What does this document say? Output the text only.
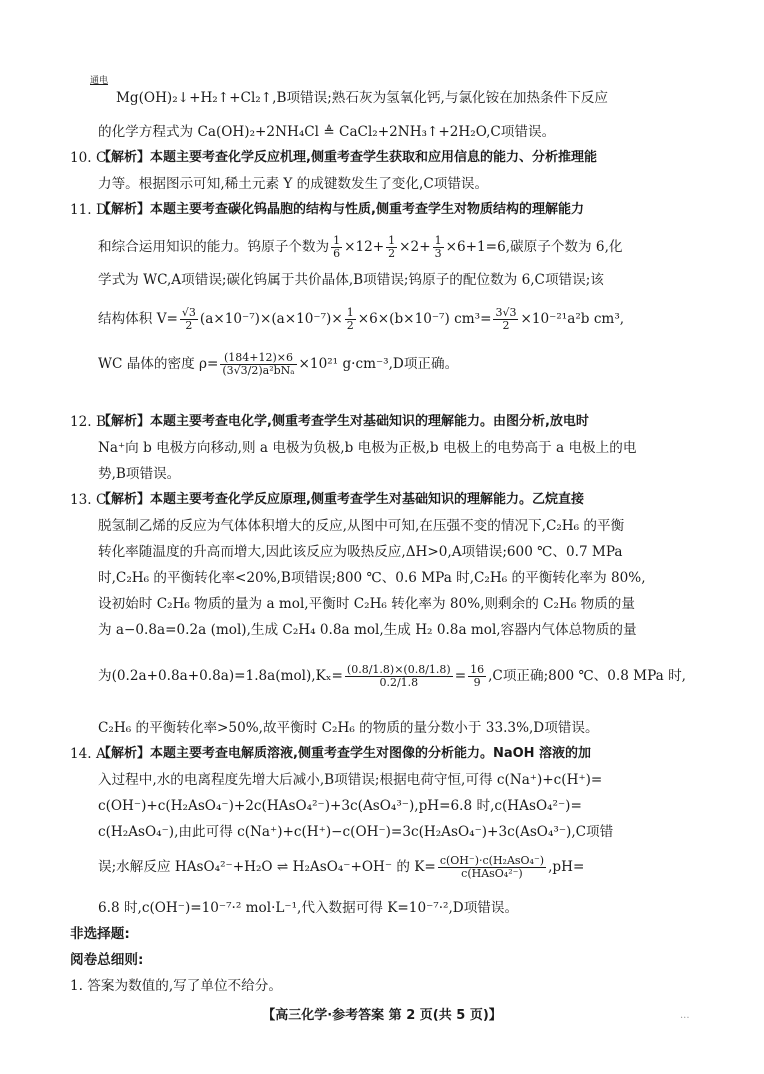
通电
Mg(OH)₂↓+H₂↑+Cl₂↑,B项错误;熟石灰为氢氧化钙,与氯化铵在加热条件下反应
的化学方程式为 Ca(OH)₂+2NH₄Cl ≜ CaCl₂+2NH₃↑+2H₂O,C项错误。
10. C
【解析】本题主要考查化学反应机理,侧重考查学生获取和应用信息的能力、分析推理能
力等。根据图示可知,稀土元素 Y 的成键数发生了变化,C项错误。
11. D
【解析】本题主要考查碳化钨晶胞的结构与性质,侧重考查学生对物质结构的理解能力
和综合运用知识的能力。钨原子个数为 $\frac{1}{6} \times 12+ \frac{1}{2} \times 2+ \frac{1}{3} \times 6+1=6$,碳原子个数为 6,化
学式为 WC,A项错误;碳化钨属于共价晶体,B项错误;钨原子的配位数为 6,C项错误;该
结构体积 $V= \frac{√3}{2} (a\times 10^{-7})\times(a\times 10^{-7})\times \frac{1}{2} \times 6\times(b\times 10^{-7})$ $cm^3= \frac{3√3}{2} \times 10^{-21}a^2b$ cm³,
WC 晶体的密度 $\rho= \frac{(184+12)\times 6}{\text{(3√3/2)a²bNₐ}} \times 10^{21}$ g·cm⁻³,D项正确。
12. B
【解析】本题主要考查电化学,侧重考查学生对基础知识的理解能力。由图分析,放电时
Na⁺向 b 电极方向移动,则 a 电极为负极,b 电极为正极,b 电极上的电势高于 a 电极上的电
势,B项错误。
13. C
【解析】本题主要考查化学反应原理,侧重考查学生对基础知识的理解能力。乙烷直接
脱氢制乙烯的反应为气体体积增大的反应,从图中可知,在压强不变的情况下,C₂H₆ 的平衡
转化率随温度的升高而增大,因此该反应为吸热反应,ΔH>0,A项错误;600 ℃、0.7 MPa
时,C₂H₆ 的平衡转化率<20%,B项错误;800 ℃、0.6 MPa 时,C₂H₆ 的平衡转化率为 80%,
设初始时 C₂H₆ 物质的量为 a mol,平衡时 C₂H₆ 转化率为 80%,则剩余的 C₂H₆ 物质的量
为 a−0.8a=0.2a (mol),生成 C₂H₄ 0.8a mol,生成 H₂ 0.8a mol,容器内气体总物质的量
为$(0.2a+0.8a+0.8a)=1.8a(mol),K_x= \frac{(0.8/1.8)\times(0.8/1.8)}{0.2/1.8} = \frac{16}{9} ,C$项正确;800 ℃、0.8 MPa 时,
C₂H₆ 的平衡转化率>50%,故平衡时 C₂H₆ 的物质的量分数小于 33.3%,D项错误。
14. A
【解析】本题主要考查电解质溶液,侧重考查学生对图像的分析能力。NaOH 溶液的加
入过程中,水的电离程度先增大后减小,B项错误;根据电荷守恒,可得 c(Na⁺)+c(H⁺)=
c(OH⁻)+c(H₂AsO₄⁻)+2c(HAsO₄²⁻)+3c(AsO₄³⁻),pH=6.8 时,c(HAsO₄²⁻)=
c(H₂AsO₄⁻),由此可得 c(Na⁺)+c(H⁺)−c(OH⁻)=3c(H₂AsO₄⁻)+3c(AsO₄³⁻),C项错
误;水解反应 HAsO₄²⁻+H₂O ⇌ H₂AsO₄⁻+OH⁻ 的 $K= \frac{\text{c(OH⁻)·c(H₂AsO₄⁻)}}{\text{c(HAsO₄²⁻)}} ,pH=$
6.8 时,c(OH⁻)=10⁻⁷·² mol·L⁻¹,代入数据可得 K=10⁻⁷·²,D项错误。
非选择题:
阅卷总细则:
1. 答案为数值的,写了单位不给分。
【高三化学·参考答案 第 2 页(共 5 页)】	...
